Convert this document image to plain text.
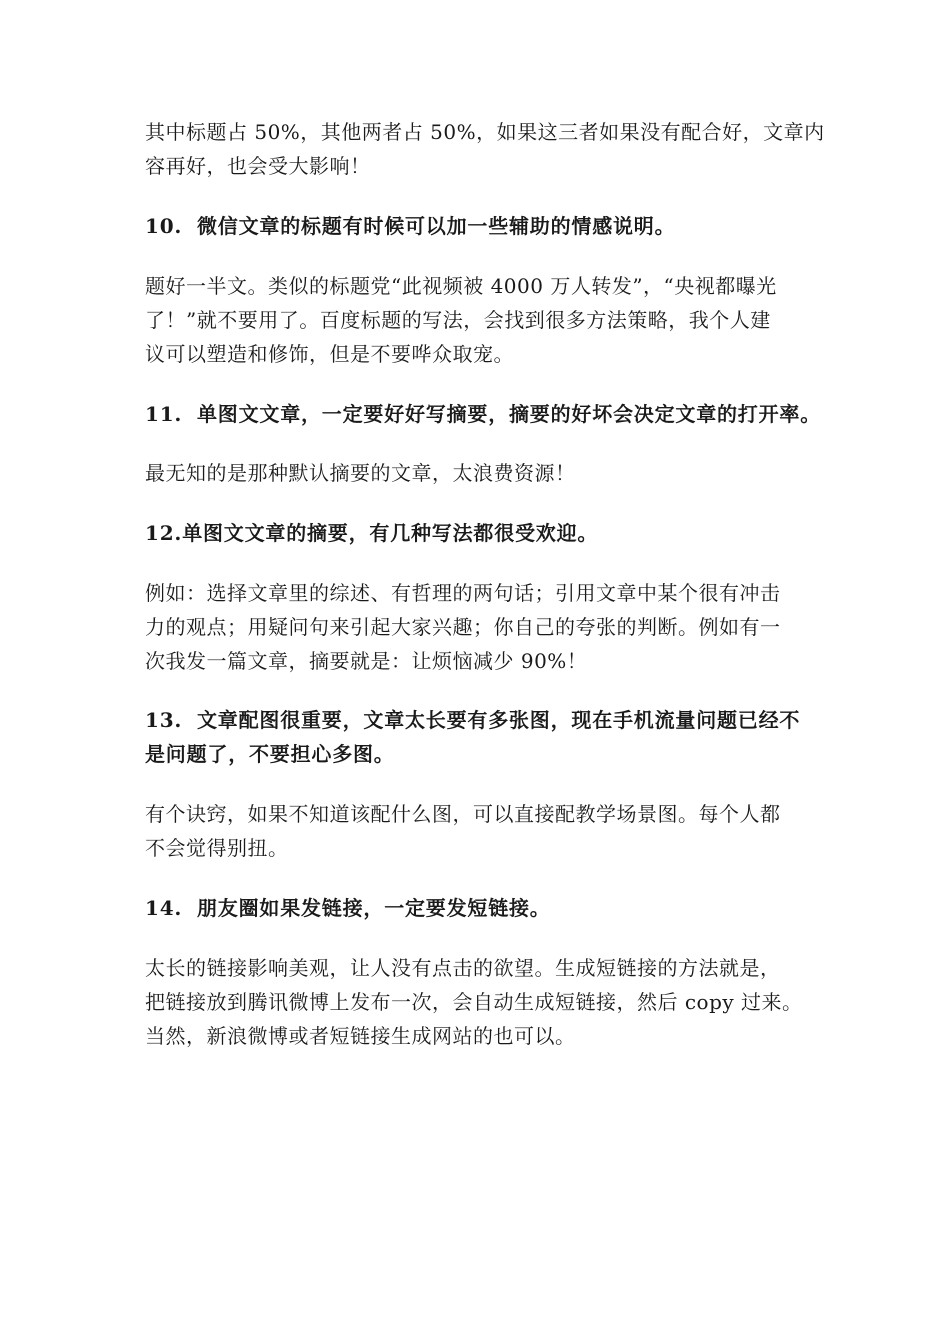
其中标题占 50%，其他两者占 50%，如果这三者如果没有配合好，文章内
容再好，也会受大影响！
10. 微信文章的标题有时候可以加一些辅助的情感说明。
题好一半文。类似的标题党“此视频被 4000 万人转发”，“央视都曝光
了！”就不要用了。百度标题的写法，会找到很多方法策略，我个人建
议可以塑造和修饰，但是不要哗众取宠。
11. 单图文文章，一定要好好写摘要，摘要的好坏会决定文章的打开率。
最无知的是那种默认摘要的文章，太浪费资源！
12.单图文文章的摘要，有几种写法都很受欢迎。
例如：选择文章里的综述、有哲理的两句话；引用文章中某个很有冲击
力的观点；用疑问句来引起大家兴趣；你自己的夸张的判断。例如有一
次我发一篇文章，摘要就是：让烦恼减少 90%！
13. 文章配图很重要，文章太长要有多张图，现在手机流量问题已经不
是问题了，不要担心多图。
有个诀窍，如果不知道该配什么图，可以直接配教学场景图。每个人都
不会觉得别扭。
14. 朋友圈如果发链接，一定要发短链接。
太长的链接影响美观，让人没有点击的欲望。生成短链接的方法就是，
把链接放到腾讯微博上发布一次，会自动生成短链接，然后 copy 过来。
当然，新浪微博或者短链接生成网站的也可以。
